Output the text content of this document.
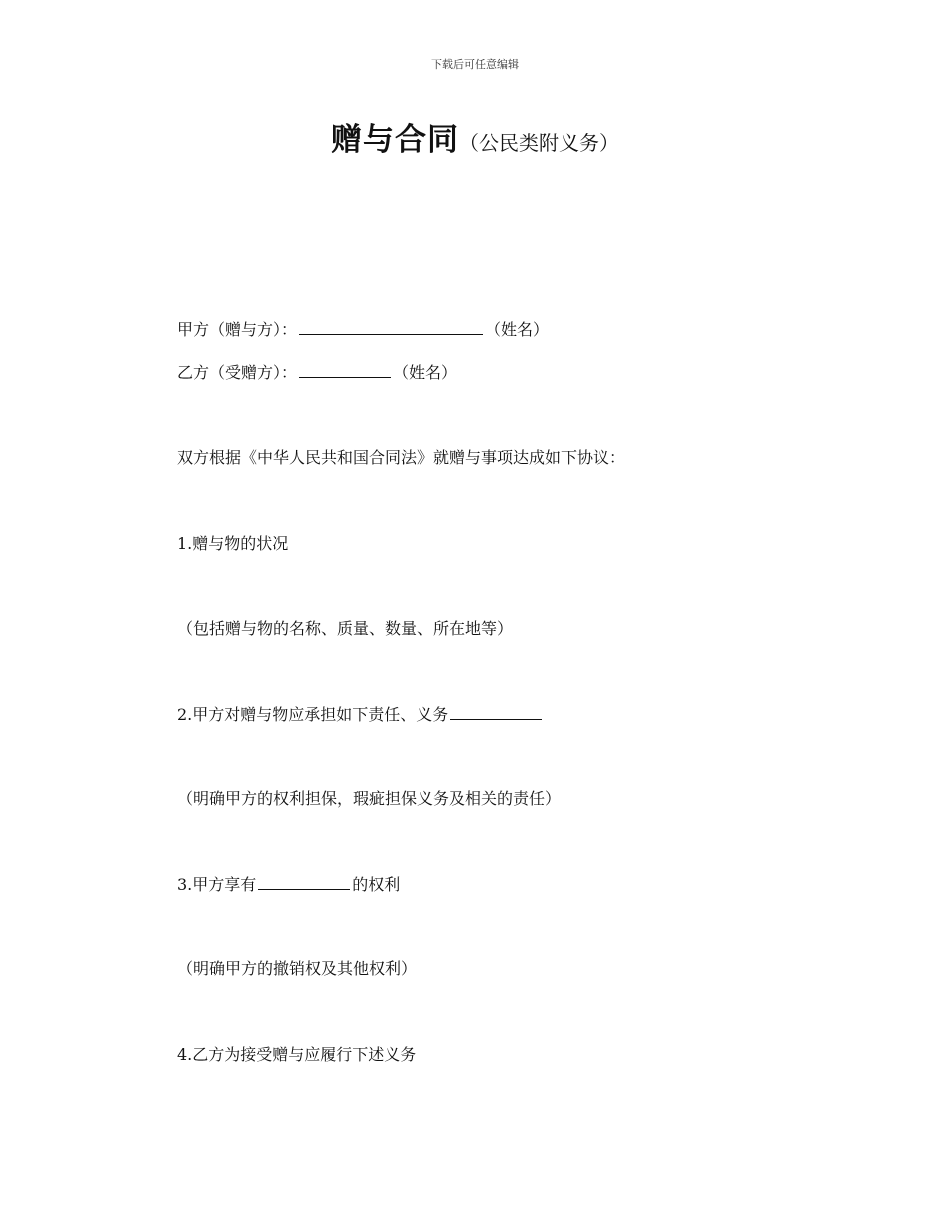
下载后可任意编辑
赠与合同（公民类附义务）
甲方（赠与方）：	（姓名）
乙方（受赠方）：	（姓名）
双方根据《中华人民共和国合同法》就赠与事项达成如下协议：
1.赠与物的状况
（包括赠与物的名称、质量、数量、所在地等）
2.甲方对赠与物应承担如下责任、义务
（明确甲方的权利担保，瑕疵担保义务及相关的责任）
3.甲方享有	的权利
（明确甲方的撤销权及其他权利）
4.乙方为接受赠与应履行下述义务
